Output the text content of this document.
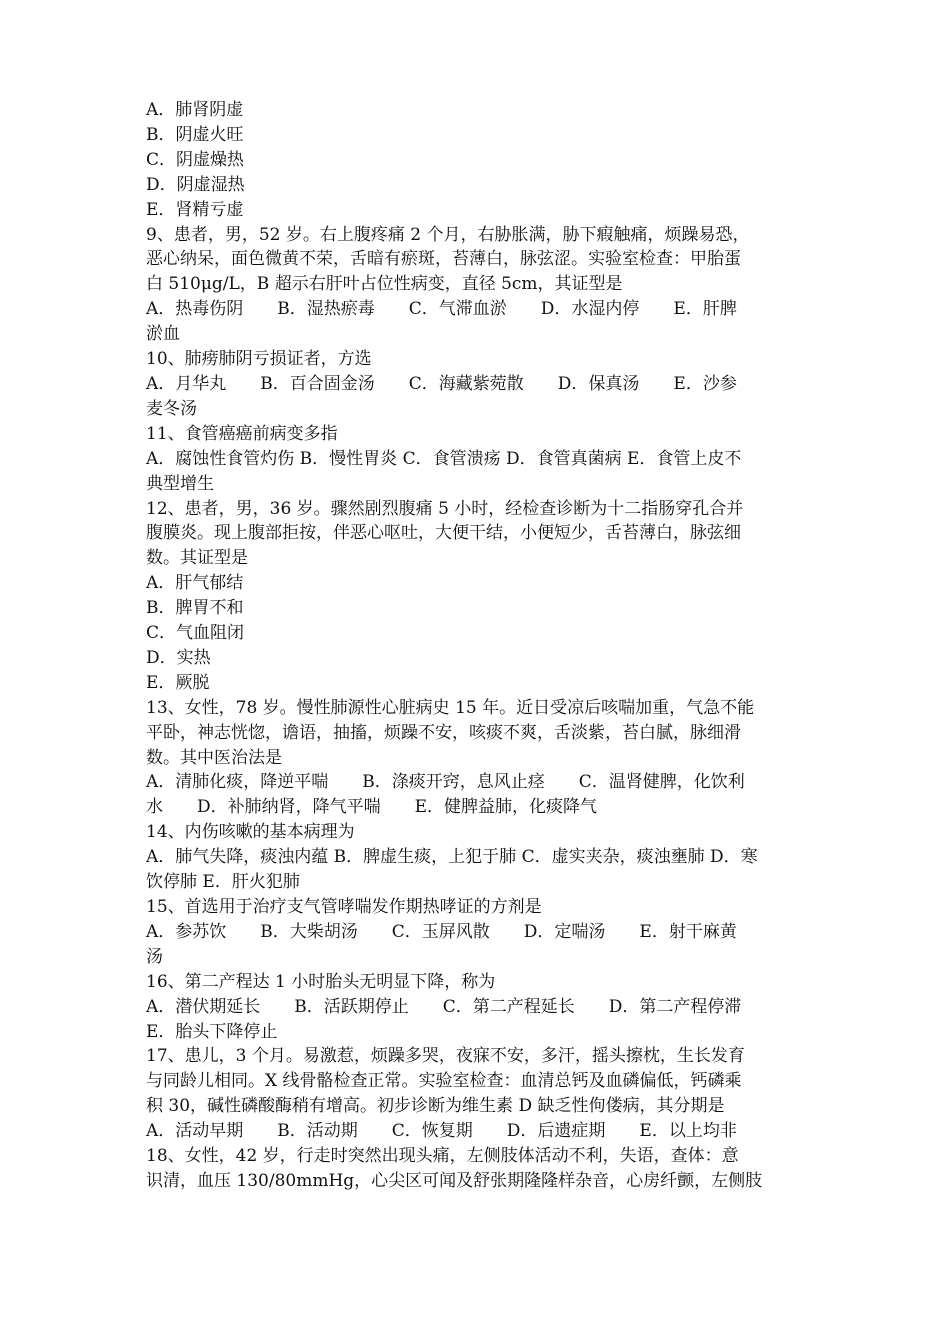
A．肺肾阴虚
B．阴虚火旺
C．阴虚燥热
D．阴虚湿热
E．肾精亏虚
9、患者，男，52 岁。右上腹疼痛 2 个月，右胁胀满，胁下瘕触痛，烦躁易恐，
恶心纳呆，面色微黄不荣，舌暗有瘀斑，苔薄白，脉弦涩。实验室检查：甲胎蛋
白 510μg/L，B 超示右肝叶占位性病变，直径 5cm，其证型是
A．热毒伤阴　　B．湿热瘀毒　　C．气滞血淤　　D．水湿内停　　E．肝脾
淤血
10、肺痨肺阴亏损证者，方选
A．月华丸　　B．百合固金汤　　C．海藏紫菀散　　D．保真汤　　E．沙参
麦冬汤
11、食管癌癌前病变多指
A．腐蚀性食管灼伤 B．慢性胃炎 C．食管溃疡 D．食管真菌病 E．食管上皮不
典型增生
12、患者，男，36 岁。骤然剧烈腹痛 5 小时，经检查诊断为十二指肠穿孔合并
腹膜炎。现上腹部拒按，伴恶心呕吐，大便干结，小便短少，舌苔薄白，脉弦细
数。其证型是
A．肝气郁结
B．脾胃不和
C．气血阻闭
D．实热
E．厥脱
13、女性，78 岁。慢性肺源性心脏病史 15 年。近日受凉后咳喘加重，气急不能
平卧，神志恍惚，谵语，抽搐，烦躁不安，咳痰不爽，舌淡紫，苔白腻，脉细滑
数。其中医治法是
A．清肺化痰，降逆平喘　　B．涤痰开窍，息风止痉　　C．温肾健脾，化饮利
水　　D．补肺纳肾，降气平喘　　E．健脾益肺，化痰降气
14、内伤咳嗽的基本病理为
A．肺气失降，痰浊内蕴 B．脾虚生痰，上犯于肺 C．虚实夹杂，痰浊壅肺 D．寒
饮停肺 E．肝火犯肺
15、首选用于治疗支气管哮喘发作期热哮证的方剂是
A．参苏饮　　B．大柴胡汤　　C．玉屏风散　　D．定喘汤　　E．射干麻黄
汤
16、第二产程达 1 小时胎头无明显下降，称为
A．潜伏期延长　　B．活跃期停止　　C．第二产程延长　　D．第二产程停滞
E．胎头下降停止
17、患儿，3 个月。易激惹，烦躁多哭，夜寐不安，多汗，摇头擦枕，生长发育
与同龄儿相同。X 线骨骼检查正常。实验室检查：血清总钙及血磷偏低，钙磷乘
积 30，碱性磷酸酶稍有增高。初步诊断为维生素 D 缺乏性佝偻病，其分期是
A．活动早期　　B．活动期　　C．恢复期　　D．后遗症期　　E．以上均非
18、女性，42 岁，行走时突然出现头痛，左侧肢体活动不利，失语，查体：意
识清，血压 130/80mmHg，心尖区可闻及舒张期隆隆样杂音，心房纤颤，左侧肢
